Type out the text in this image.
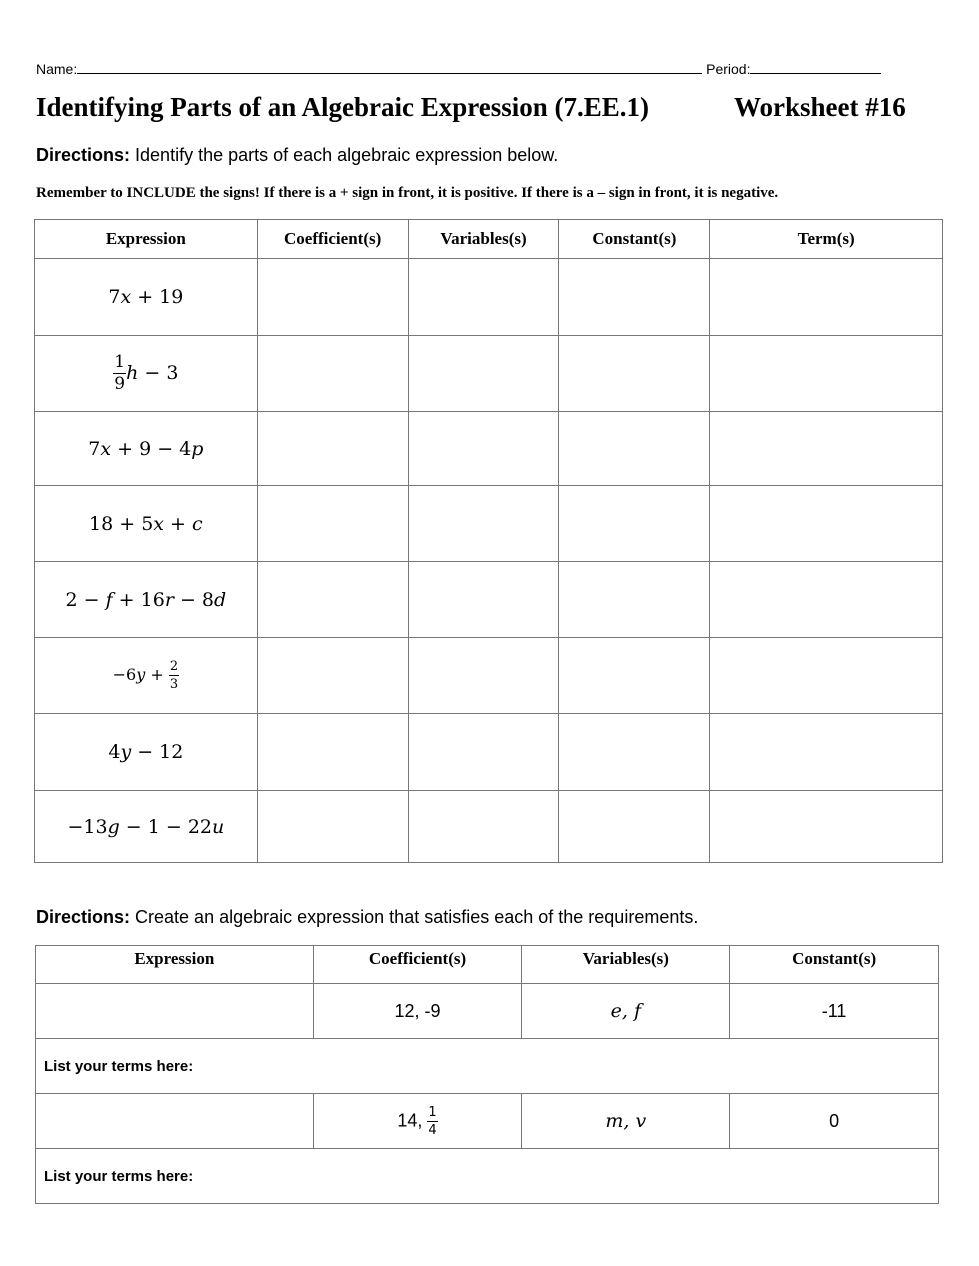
Name:	Period:
Identifying Parts of an Algebraic Expression (7.EE.1)	Worksheet #16
Directions: Identify the parts of each algebraic expression below.
Remember to INCLUDE the signs! If there is a + sign in front, it is positive. If there is a – sign in front, it is negative.
Expression	Coefficient(s)	Variables(s)	Constant(s)	Term(s)
7x + 19				

$\frac{1}{9}$ h − 3				
7x + 9 − 4p				
18 + 5x + c				
2 − f + 16r − 8d				
$-6y + \frac{2}{3}$

4y − 12				
−13g − 1 − 22u				
Directions: Create an algebraic expression that satisfies each of the requirements.
Expression	Coefficient(s)	Variables(s)	Constant(s)
	12, -9	e, f	-11
List your terms here:			
	14, $\frac{1}{4}$	m, v	0
List your terms here:			
